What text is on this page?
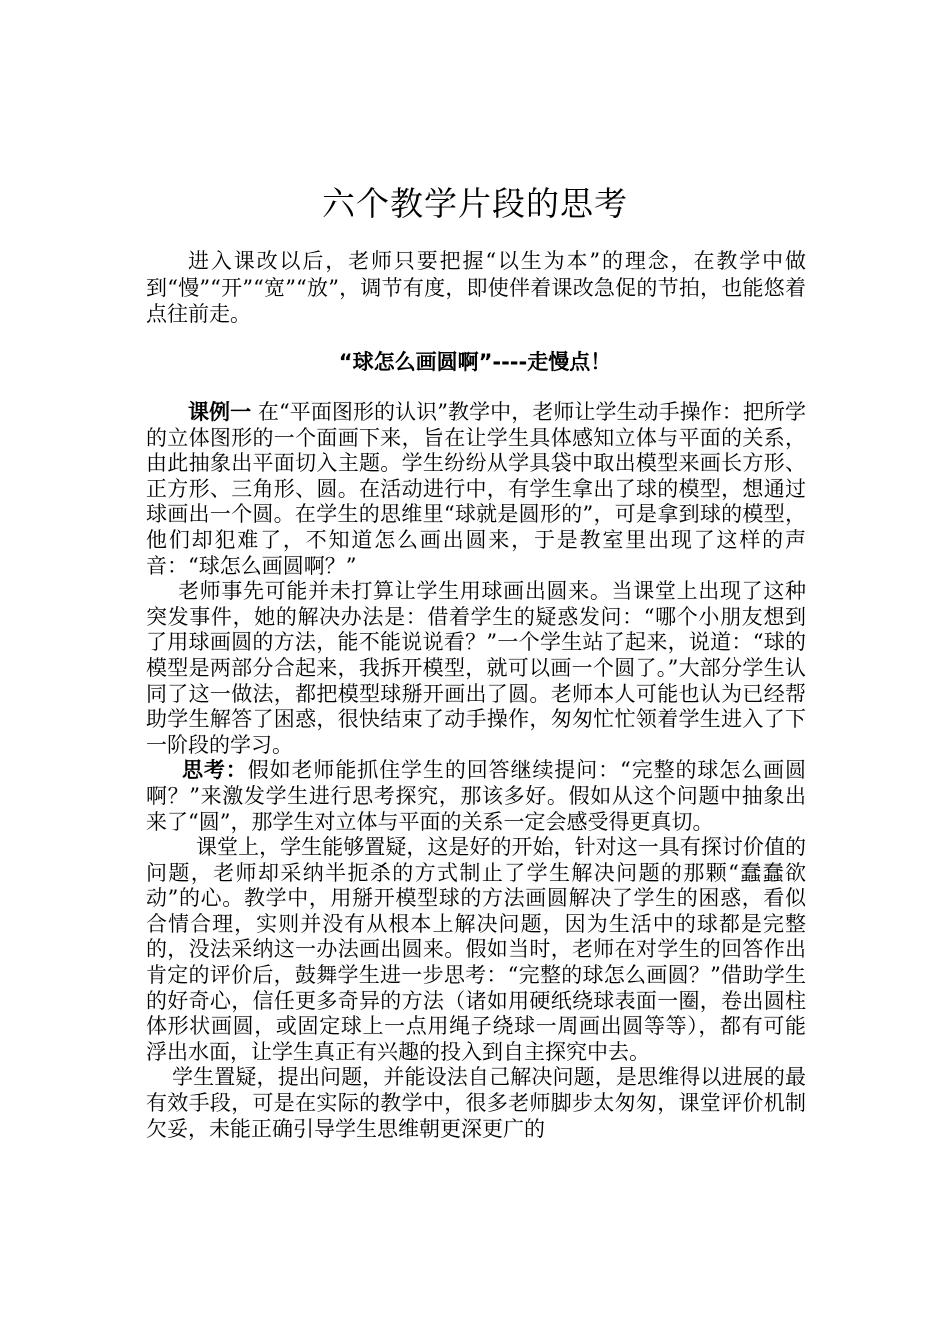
六个教学片段的思考

进入课改以后，老师只要把握“以生为本”的理念，在教学中做到“慢”“开”“宽”“放”，调节有度，即使伴着课改急促的节拍，也能悠着点往前走。

“球怎么画圆啊”----走慢点！

课例一 在“平面图形的认识”教学中，老师让学生动手操作：把所学的立体图形的一个面画下来，旨在让学生具体感知立体与平面的关系，由此抽象出平面切入主题。学生纷纷从学具袋中取出模型来画长方形、正方形、三角形、圆。在活动进行中，有学生拿出了球的模型，想通过球画出一个圆。在学生的思维里“球就是圆形的”，可是拿到球的模型，他们却犯难了，不知道怎么画出圆来，于是教室里出现了这样的声音：“球怎么画圆啊？”

老师事先可能并未打算让学生用球画出圆来。当课堂上出现了这种突发事件，她的解决办法是：借着学生的疑惑发问：“哪个小朋友想到了用球画圆的方法，能不能说说看？”一个学生站了起来，说道：“球的模型是两部分合起来，我拆开模型，就可以画一个圆了。”大部分学生认同了这一做法，都把模型球掰开画出了圆。老师本人可能也认为已经帮助学生解答了困惑，很快结束了动手操作，匆匆忙忙领着学生进入了下一阶段的学习。

思考：假如老师能抓住学生的回答继续提问：“完整的球怎么画圆啊？”来激发学生进行思考探究，那该多好。假如从这个问题中抽象出来了“圆”，那学生对立体与平面的关系一定会感受得更真切。

课堂上，学生能够置疑，这是好的开始，针对这一具有探讨价值的问题，老师却采纳半扼杀的方式制止了学生解决问题的那颗“蠢蠢欲动”的心。教学中，用掰开模型球的方法画圆解决了学生的困惑，看似合情合理，实则并没有从根本上解决问题，因为生活中的球都是完整的，没法采纳这一办法画出圆来。假如当时，老师在对学生的回答作出肯定的评价后，鼓舞学生进一步思考：“完整的球怎么画圆？”借助学生的好奇心，信任更多奇异的方法（诸如用硬纸绕球表面一圈，卷出圆柱体形状画圆，或固定球上一点用绳子绕球一周画出圆等等），都有可能浮出水面，让学生真正有兴趣的投入到自主探究中去。

学生置疑，提出问题，并能设法自己解决问题，是思维得以进展的最有效手段，可是在实际的教学中，很多老师脚步太匆匆，课堂评价机制欠妥，未能正确引导学生思维朝更深更广的
